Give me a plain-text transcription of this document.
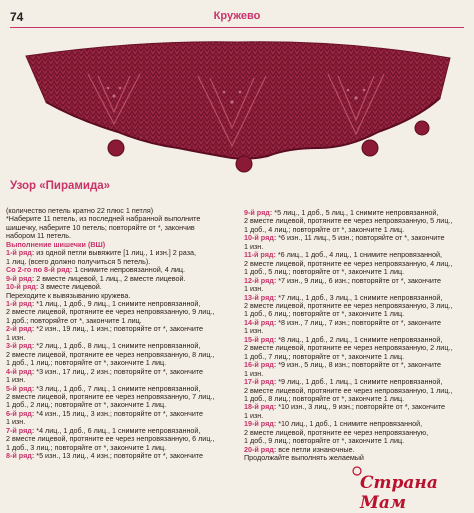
74	Кружево
Узор «Пирамида»
(количество петель кратно 22 плюс 1 петля)
*Наберите 11 петель, из последней набранной выполните
шишечку, наберите 10 петель; повторяйте от *, закончив
набором 11 петель.
Выполнение шишечки (ВШ)
1-й ряд: из одной петли вывяжите [1 лиц., 1 изн.] 2 раза,
1 лиц. (всего должно получиться 5 петель).
Со 2-го по 8-й ряд: 1 снимите непровязанной, 4 лиц.
9-й ряд: 2 вместе лицевой, 1 лиц., 2 вместе лицевой.
10-й ряд: 3 вместе лицевой.
Переходите к вывязыванию кружева.
1-й ряд: *1 лиц., 1 доб., 9 лиц., 1 снимите непровязанной,
2 вместе лицевой, протяните ее через непровязанную, 9 лиц.,
1 доб.; повторяйте от *, закончите 1 лиц.
2-й ряд: *2 изн., 19 лиц., 1 изн.; повторяйте от *, закончите
1 изн.
3-й ряд: *2 лиц., 1 доб., 8 лиц., 1 снимите непровязанной,
2 вместе лицевой, протяните ее через непровязанную, 8 лиц.,
1 доб., 1 лиц.; повторяйте от *, закончите 1 лиц.
4-й ряд: *3 изн., 17 лиц., 2 изн.; повторяйте от *, закончите
1 изн.
5-й ряд: *3 лиц., 1 доб., 7 лиц., 1 снимите непровязанной,
2 вместе лицевой, протяните ее через непровязанную, 7 лиц.,
1 доб., 2 лиц.; повторяйте от *, закончите 1 лиц.
6-й ряд: *4 изн., 15 лиц., 3 изн.; повторяйте от *, закончите
1 изн.
7-й ряд: *4 лиц., 1 доб., 6 лиц., 1 снимите непровязанной,
2 вместе лицевой, протяните ее через непровязанную, 6 лиц.,
1 доб., 3 лиц.; повторяйте от *, закончите 1 лиц.
8-й ряд: *5 изн., 13 лиц., 4 изн.; повторяйте от *, закончите
9-й ряд: *5 лиц., 1 доб., 5 лиц., 1 снимите непровязанной,
2 вместе лицевой, протяните ее через непровязанную, 5 лиц.,
1 доб., 4 лиц.; повторяйте от *, закончите 1 лиц.
10-й ряд: *6 изн., 11 лиц., 5 изн.; повторяйте от *, закончите
1 изн.
11-й ряд: *6 лиц., 1 доб., 4 лиц., 1 снимите непровязанной,
2 вместе лицевой, протяните ее через непровязанную, 4 лиц.,
1 доб., 5 лиц.; повторяйте от *, закончите 1 лиц.
12-й ряд: *7 изн., 9 лиц., 6 изн.; повторяйте от *, закончите
1 изн.
13-й ряд: *7 лиц., 1 доб., 3 лиц., 1 снимите непровязанной,
2 вместе лицевой, протяните ее через непровязанную, 3 лиц.,
1 доб., 6 лиц.; повторяйте от *, закончите 1 лиц.
14-й ряд: *8 изн., 7 лиц., 7 изн.; повторяйте от *, закончите
1 изн.
15-й ряд: *8 лиц., 1 доб., 2 лиц., 1 снимите непровязанной,
2 вместе лицевой, протяните ее через непровязанную, 2 лиц.,
1 доб., 7 лиц.; повторяйте от *, закончите 1 лиц.
16-й ряд: *9 изн., 5 лиц., 8 изн.; повторяйте от *, закончите
1 изн.
17-й ряд: *9 лиц., 1 доб., 1 лиц., 1 снимите непровязанной,
2 вместе лицевой, протяните ее через непровязанную, 1 лиц.,
1 доб., 8 лиц.; повторяйте от *, закончите 1 лиц.
18-й ряд: *10 изн., 3 лиц., 9 изн.; повторяйте от *, закончите
1 изн.
19-й ряд: *10 лиц., 1 доб., 1 снимите непровязанной,
2 вместе лицевой, протяните ее через непровязанную,
1 доб., 9 лиц.; повторяйте от *, закончите 1 лиц.
20-й ряд: все петли изнаночные.
Продолжайте выполнять желаемый
Страна Мам
